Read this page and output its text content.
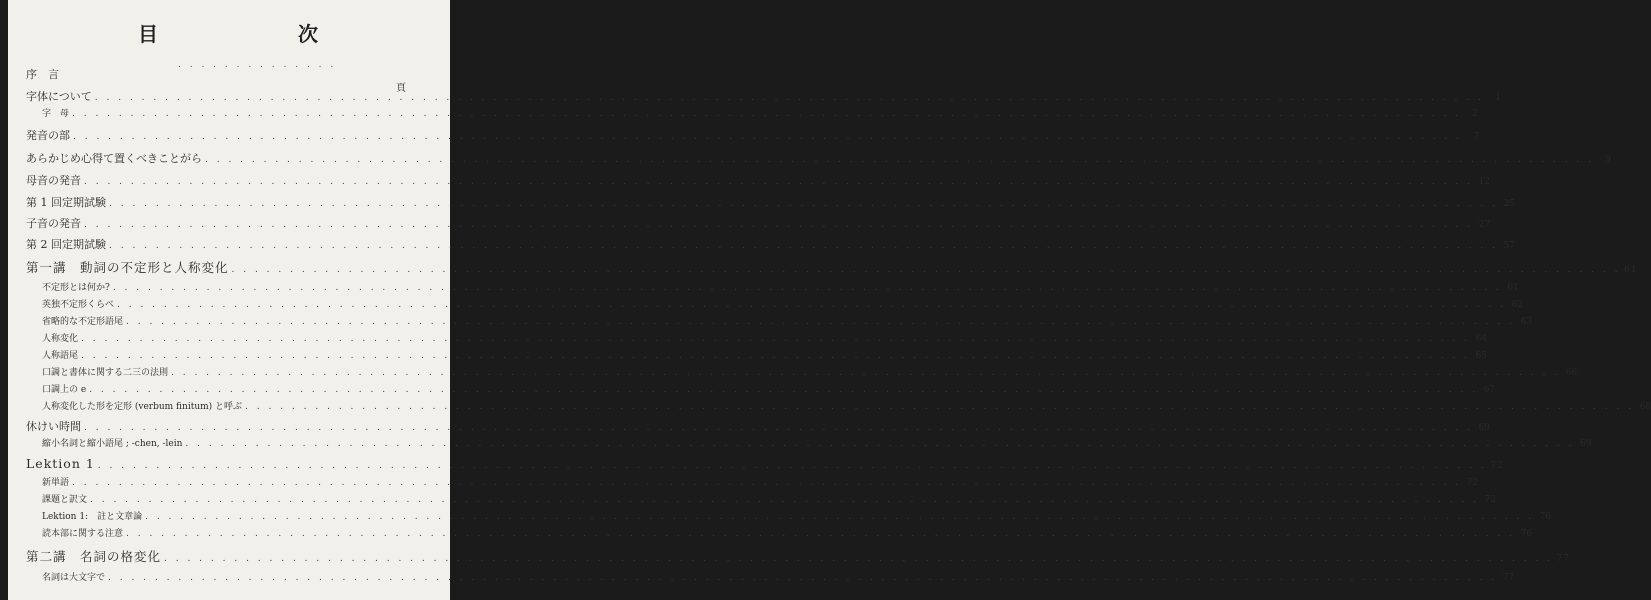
目　次
. . . . . . . . . . . . . .
頁
序　言
字体について . . .	1
字　母 . . .	2
発音の部 . . .	7
あらかじめ心得て置くべきことがら . . .	9
母音の発音 . . .	12
第 1 回定期試験 . . .	25
子音の発音 . . .	27
第 2 回定期試験 . . .	57
第一講　動詞の不定形と人称変化 . . .	61
不定形とは何か? . . .	61
英独不定形くらべ . . .	62
省略的な不定形語尾 . . .	63
人称変化 . . .	64
人称語尾 . . .	65
口調と書体に関する二三の法則 . . .	66
口調上の e . . .	67
人称変化した形を定形 (verbum finitum) と呼ぶ . . .	68
休けい時間 . . .	69
縮小名詞と縮小語尾 ; -chen, -lein . . .	69
Lektion 1 . . .	72
新単語 . . .	72
課題と訳文 . . .	72
Lektion 1:　註と文章論 . . .	76
読本部に関する注意 . . .	76
第二講　名詞の格変化 . . .	77
名詞は大文字で . . .	77
